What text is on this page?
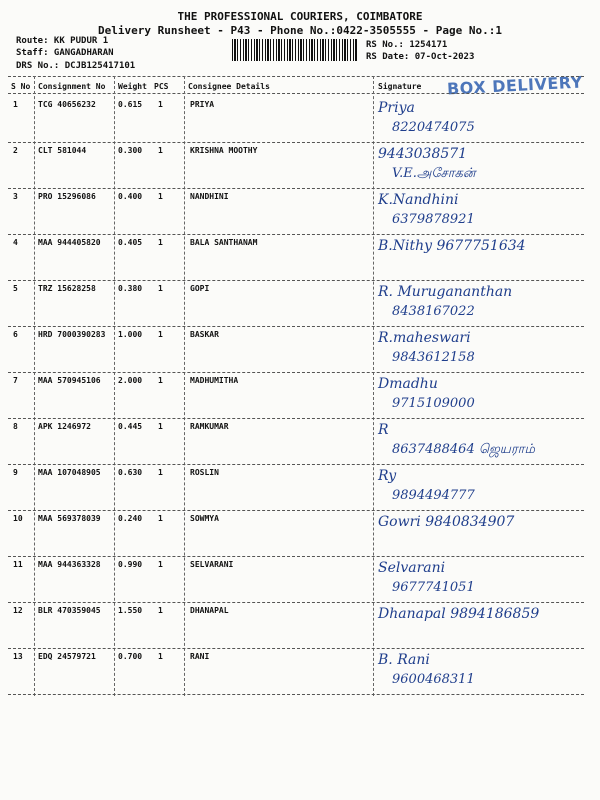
THE PROFESSIONAL COURIERS, COIMBATORE
Delivery Runsheet - P43 - Phone No.:0422-3505555 - Page No.:1
Route: KK PUDUR 1
Staff: GANGADHARAN
DRS No.: DCJB125417101
RS No.: 1254171
RS Date: 07-Oct-2023
BOX DELIVERY
S No Consignment No Weight PCS Consignee Details	Signature
1	TCG 40656232	0.615 1	PRIYA	Priya
8220474075
2	CLT 581044	0.300 1	KRISHNA MOOTHY	9443038571
V.E.அசோகன்
3	PRO 15296086	0.400 1	NANDHINI	K.Nandhini
6379878921
4	MAA 944405820 0.405 1	BALA SANTHANAM	B.Nithy 9677751634
5	TRZ 15628258	0.380 1	GOPI	R. Murugananthan
8438167022
6	HRD 7000390283 1.000 1	BASKAR	R.maheswari
9843612158
7	MAA 570945106 2.000 1	MADHUMITHA	Dmadhu
9715109000
8	APK 1246972	0.445 1	RAMKUMAR	R
8637488464 ஜெயராம்
9	MAA 107048905 0.630 1	ROSLIN	Ry
9894494777
10 MAA 569378039 0.240 1	SOWMYA	Gowri 9840834907
11 MAA 944363328 0.990 1	SELVARANI	Selvarani
9677741051
12 BLR 470359045 1.550 1	DHANAPAL	Dhanapal 9894186859
13 EDQ 24579721	0.700 1	RANI	B. Rani
9600468311
